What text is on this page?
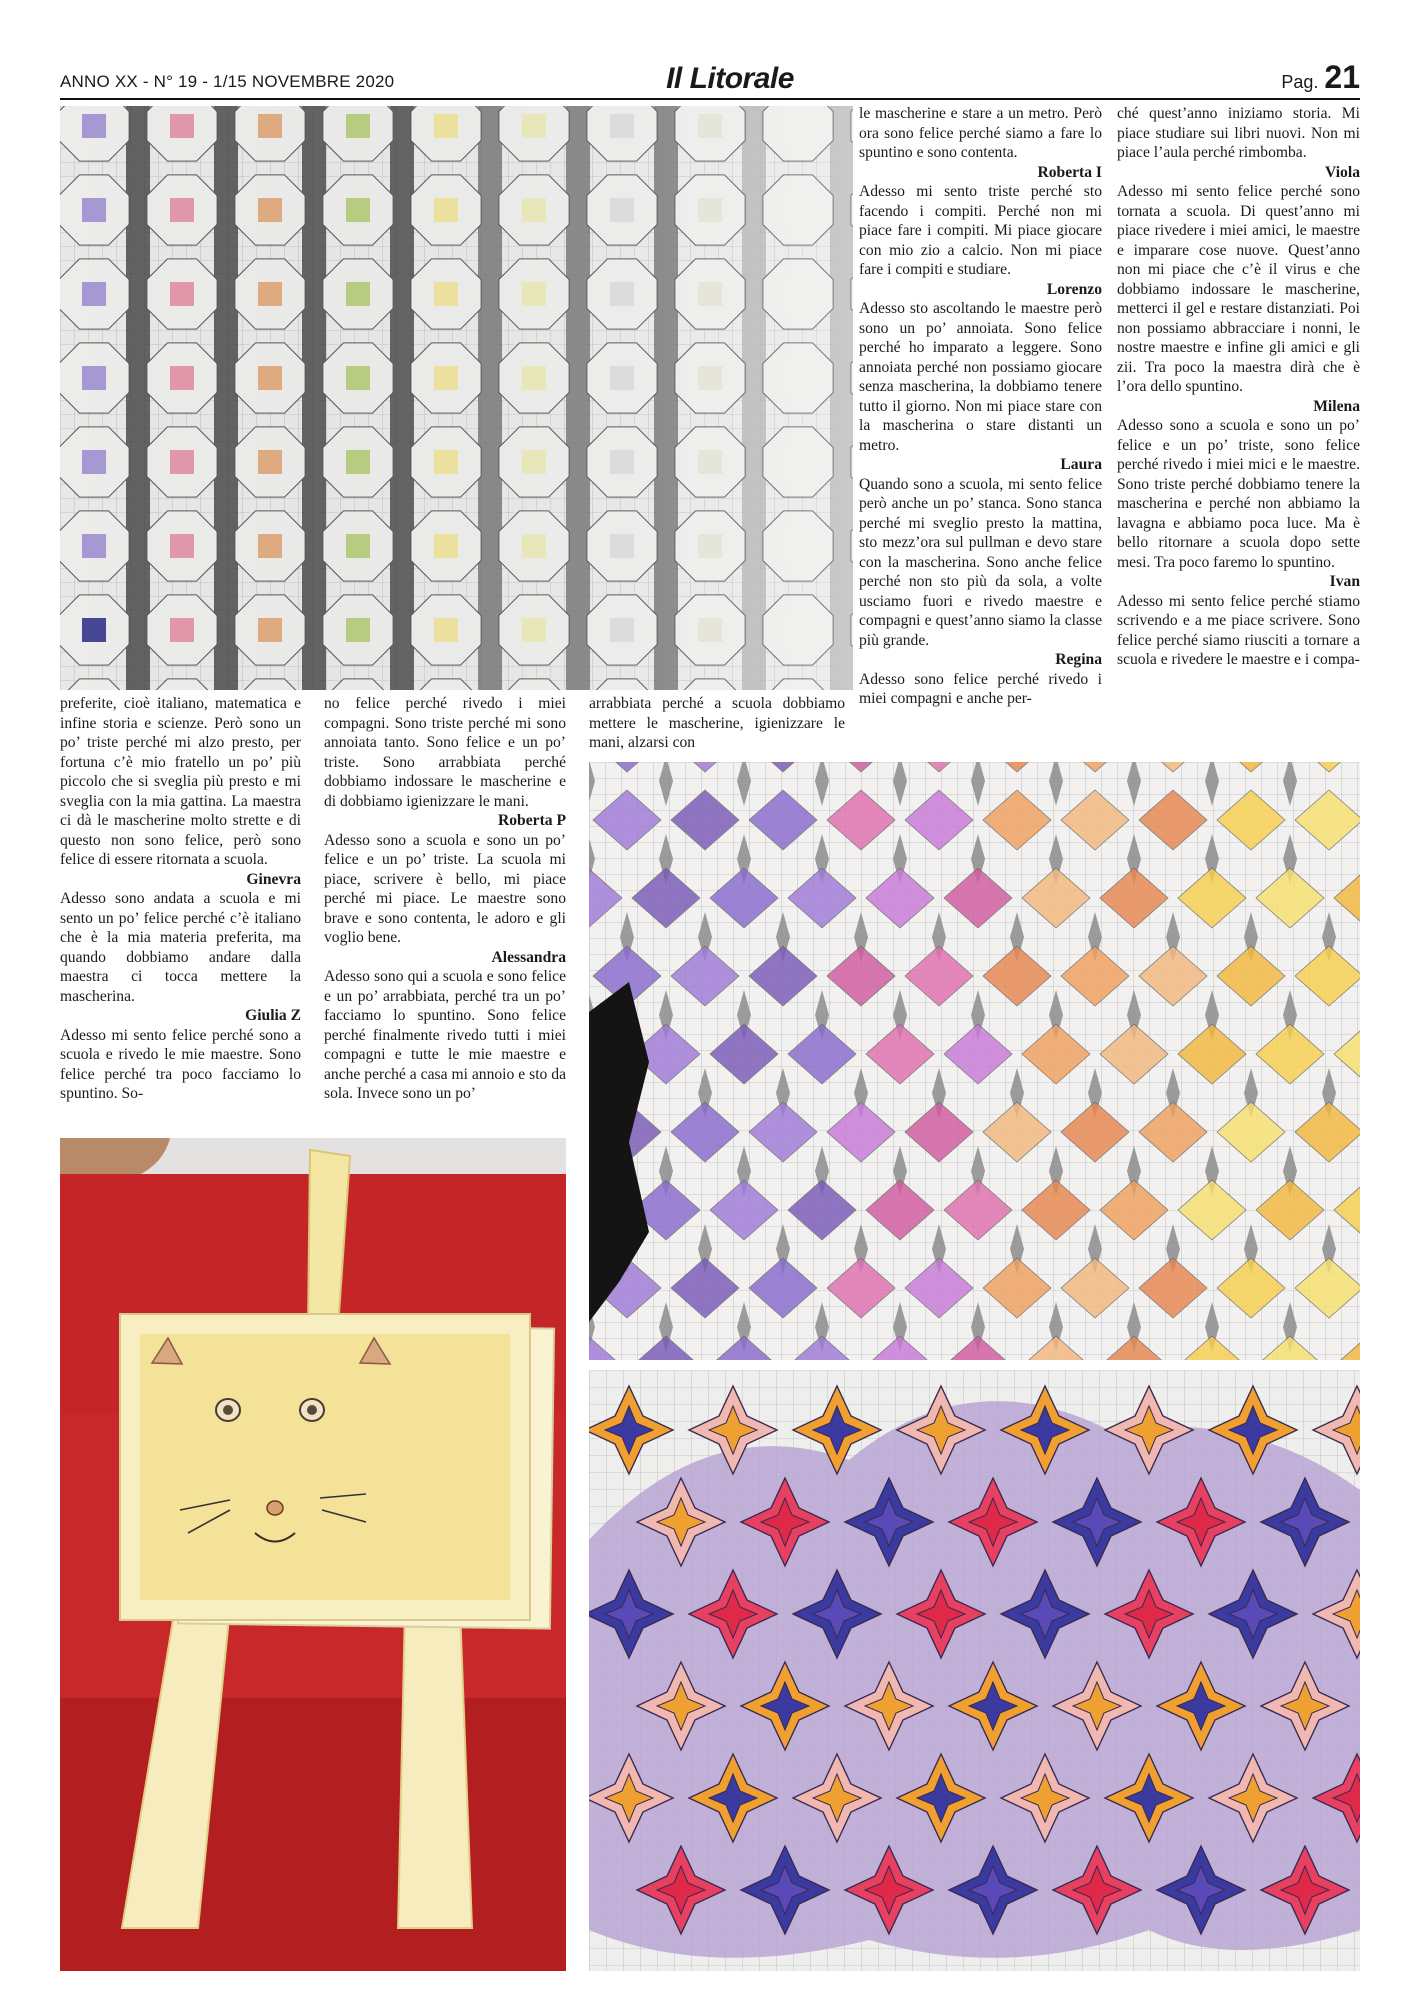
ANNO XX - N° 19 - 1/15 NOVEMBRE 2020	Il Litorale	Pag. 21

preferite, cioè italiano, matematica e infine storia e scienze. Però sono un po’ triste perché mi alzo presto, per fortuna c’è mio fratello un po’ più piccolo che si sveglia più presto e mi sveglia con la mia gattina. La maestra ci dà le mascherine molto strette e di questo non sono felice, però sono felice di essere ritornata a scuola.

Ginevra

Adesso sono andata a scuola e mi sento un po’ felice perché c’è italiano che è la mia materia preferita, ma quando dobbiamo andare dalla maestra ci tocca mettere la mascherina.

Giulia Z

Adesso mi sento felice perché sono a scuola e rivedo le mie maestre. Sono felice perché tra poco facciamo lo spuntino. So-

no felice perché rivedo i miei compagni. Sono triste perché mi sono annoiata tanto. Sono felice e un po’ triste. Sono arrabbiata perché dobbiamo indossare le mascherine e di dobbiamo igienizzare le mani.

Roberta P

Adesso sono a scuola e sono un po’ felice e un po’ triste. La scuola mi piace, scrivere è bello, mi piace perché mi piace. Le maestre sono brave e sono contenta, le adoro e gli voglio bene.

Alessandra

Adesso sono qui a scuola e sono felice e un po’ arrabbiata, perché tra un po’ facciamo lo spuntino. Sono felice perché finalmente rivedo tutti i miei compagni e tutte le mie maestre e anche perché a casa mi annoio e sto da sola. Invece sono un po’

arrabbiata perché a scuola dobbiamo mettere le mascherine, igienizzare le mani, alzarsi con

le mascherine e stare a un metro. Però ora sono felice perché siamo a fare lo spuntino e sono contenta.

Roberta I

Adesso mi sento triste perché sto facendo i compiti. Perché non mi piace fare i compiti. Mi piace giocare con mio zio a calcio. Non mi piace fare i compiti e studiare.

Lorenzo

Adesso sto ascoltando le maestre però sono un po’ annoiata. Sono felice perché ho imparato a leggere. Sono annoiata perché non possiamo giocare senza mascherina, la dobbiamo tenere tutto il giorno. Non mi piace stare con la mascherina o stare distanti un metro.

Laura

Quando sono a scuola, mi sento felice però anche un po’ stanca. Sono stanca perché mi sveglio presto la mattina, sto mezz’ora sul pullman e devo stare con la mascherina. Sono anche felice perché non sto più da sola, a volte usciamo fuori e rivedo maestre e compagni e quest’anno siamo la classe più grande.

Regina

Adesso sono felice perché rivedo i miei compagni e anche per-

ché quest’anno iniziamo storia. Mi piace studiare sui libri nuovi. Non mi piace l’aula perché rimbomba.

Viola

Adesso mi sento felice perché sono tornata a scuola. Di quest’anno mi piace rivedere i miei amici, le maestre e imparare cose nuove. Quest’anno non mi piace che c’è il virus e che dobbiamo indossare le mascherine, metterci il gel e restare distanziati. Poi non possiamo abbracciare i nonni, le nostre maestre e infine gli amici e gli zii. Tra poco la maestra dirà che è l’ora dello spuntino.

Milena

Adesso sono a scuola e sono un po’ felice e un po’ triste, sono felice perché rivedo i miei mici e le maestre. Sono triste perché dobbiamo tenere la mascherina e perché non abbiamo la lavagna e abbiamo poca luce. Ma è bello ritornare a scuola dopo sette mesi. Tra poco faremo lo spuntino.

Ivan

Adesso mi sento felice perché stiamo scrivendo e a me piace scrivere. Sono felice perché siamo riusciti a tornare a scuola e rivedere le maestre e i compa-
